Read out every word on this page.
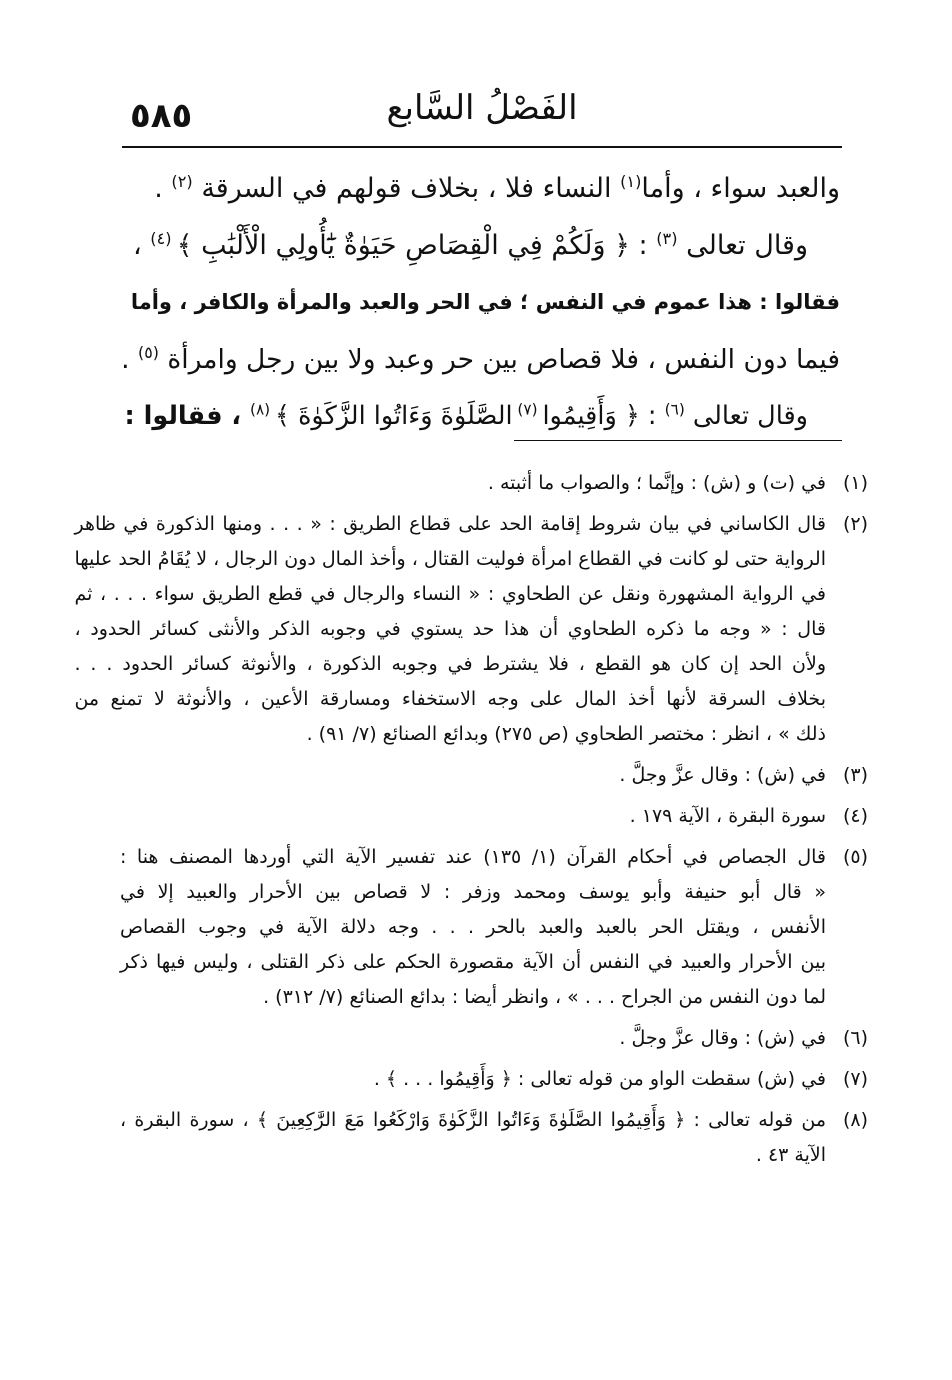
٥٨٥	الفَصْلُ السَّابع

والعبد سواء ، وأما$^{(١)}$ النساء فلا ، بخلاف قولهم في السرقة $^{(٢)}$ .

وقال تعالى $^{(٣)}$ : ﴿ وَلَكُمْ فِي الْقِصَاصِ حَيَوٰةٌ يَٰٓأُولِي الْأَلْبَٰبِ ﴾ $^{(٤)}$ ،

فقالوا : هذا عموم في النفس ؛ في الحر والعبد والمرأة والكافر ، وأما

فيما دون النفس ، فلا قصاص بين حر وعبد ولا بين رجل وامرأة $^{(٥)}$ .

وقال تعالى $^{(٦)}$ : ﴿ وَأَقِيمُوا $^{(٧)}$ الصَّلَوٰةَ وَءَاتُوا الزَّكَوٰةَ ﴾ $^{(٨)}$ ، فقالوا :

(١)
في (ت) و (ش) : وإنَّما ؛ والصواب ما أثبته .
(٢)
قال الكاساني في بيان شروط إقامة الحد على قطاع الطريق : « . . . ومنها الذكورة في ظاهر
الرواية حتى لو كانت في القطاع امرأة فوليت القتال ، وأخذ المال دون الرجال ، لا يُقَامُ الحد عليها
في الرواية المشهورة ونقل عن الطحاوي : « النساء والرجال في قطع الطريق سواء . . . ، ثم
قال : « وجه ما ذكره الطحاوي أن هذا حد يستوي في وجوبه الذكر والأنثى كسائر الحدود ،
ولأن الحد إن كان هو القطع ، فلا يشترط في وجوبه الذكورة ، والأنوثة كسائر الحدود . . .
بخلاف السرقة لأنها أخذ المال على وجه الاستخفاء ومسارقة الأعين ، والأنوثة لا تمنع من
ذلك » ، انظر : مختصر الطحاوي (ص ٢٧٥) وبدائع الصنائع (٧/ ٩١) .
(٣)
في (ش) : وقال عزَّ وجلَّ .
(٤)
سورة البقرة ، الآية ١٧٩ .
(٥)
قال الجصاص في أحكام القرآن (١/ ١٣٥) عند تفسير الآية التي أوردها المصنف هنا :
« قال أبو حنيفة وأبو يوسف ومحمد وزفر : لا قصاص بين الأحرار والعبيد إلا في
الأنفس ، ويقتل الحر بالعبد والعبد بالحر . . . وجه دلالة الآية في وجوب القصاص
بين الأحرار والعبيد في النفس أن الآية مقصورة الحكم على ذكر القتلى ، وليس فيها ذكر
لما دون النفس من الجراح . . . » ، وانظر أيضا : بدائع الصنائع (٧/ ٣١٢) .
(٦)
في (ش) : وقال عزَّ وجلَّ .
(٧)
في (ش) سقطت الواو من قوله تعالى : ﴿ وَأَقِيمُوا . . . ﴾ .
(٨)
من قوله تعالى : ﴿ وَأَقِيمُوا الصَّلَوٰةَ وَءَاتُوا الزَّكَوٰةَ وَارْكَعُوا مَعَ الرَّٰكِعِينَ ﴾ ، سورة البقرة ،
الآية ٤٣ .
